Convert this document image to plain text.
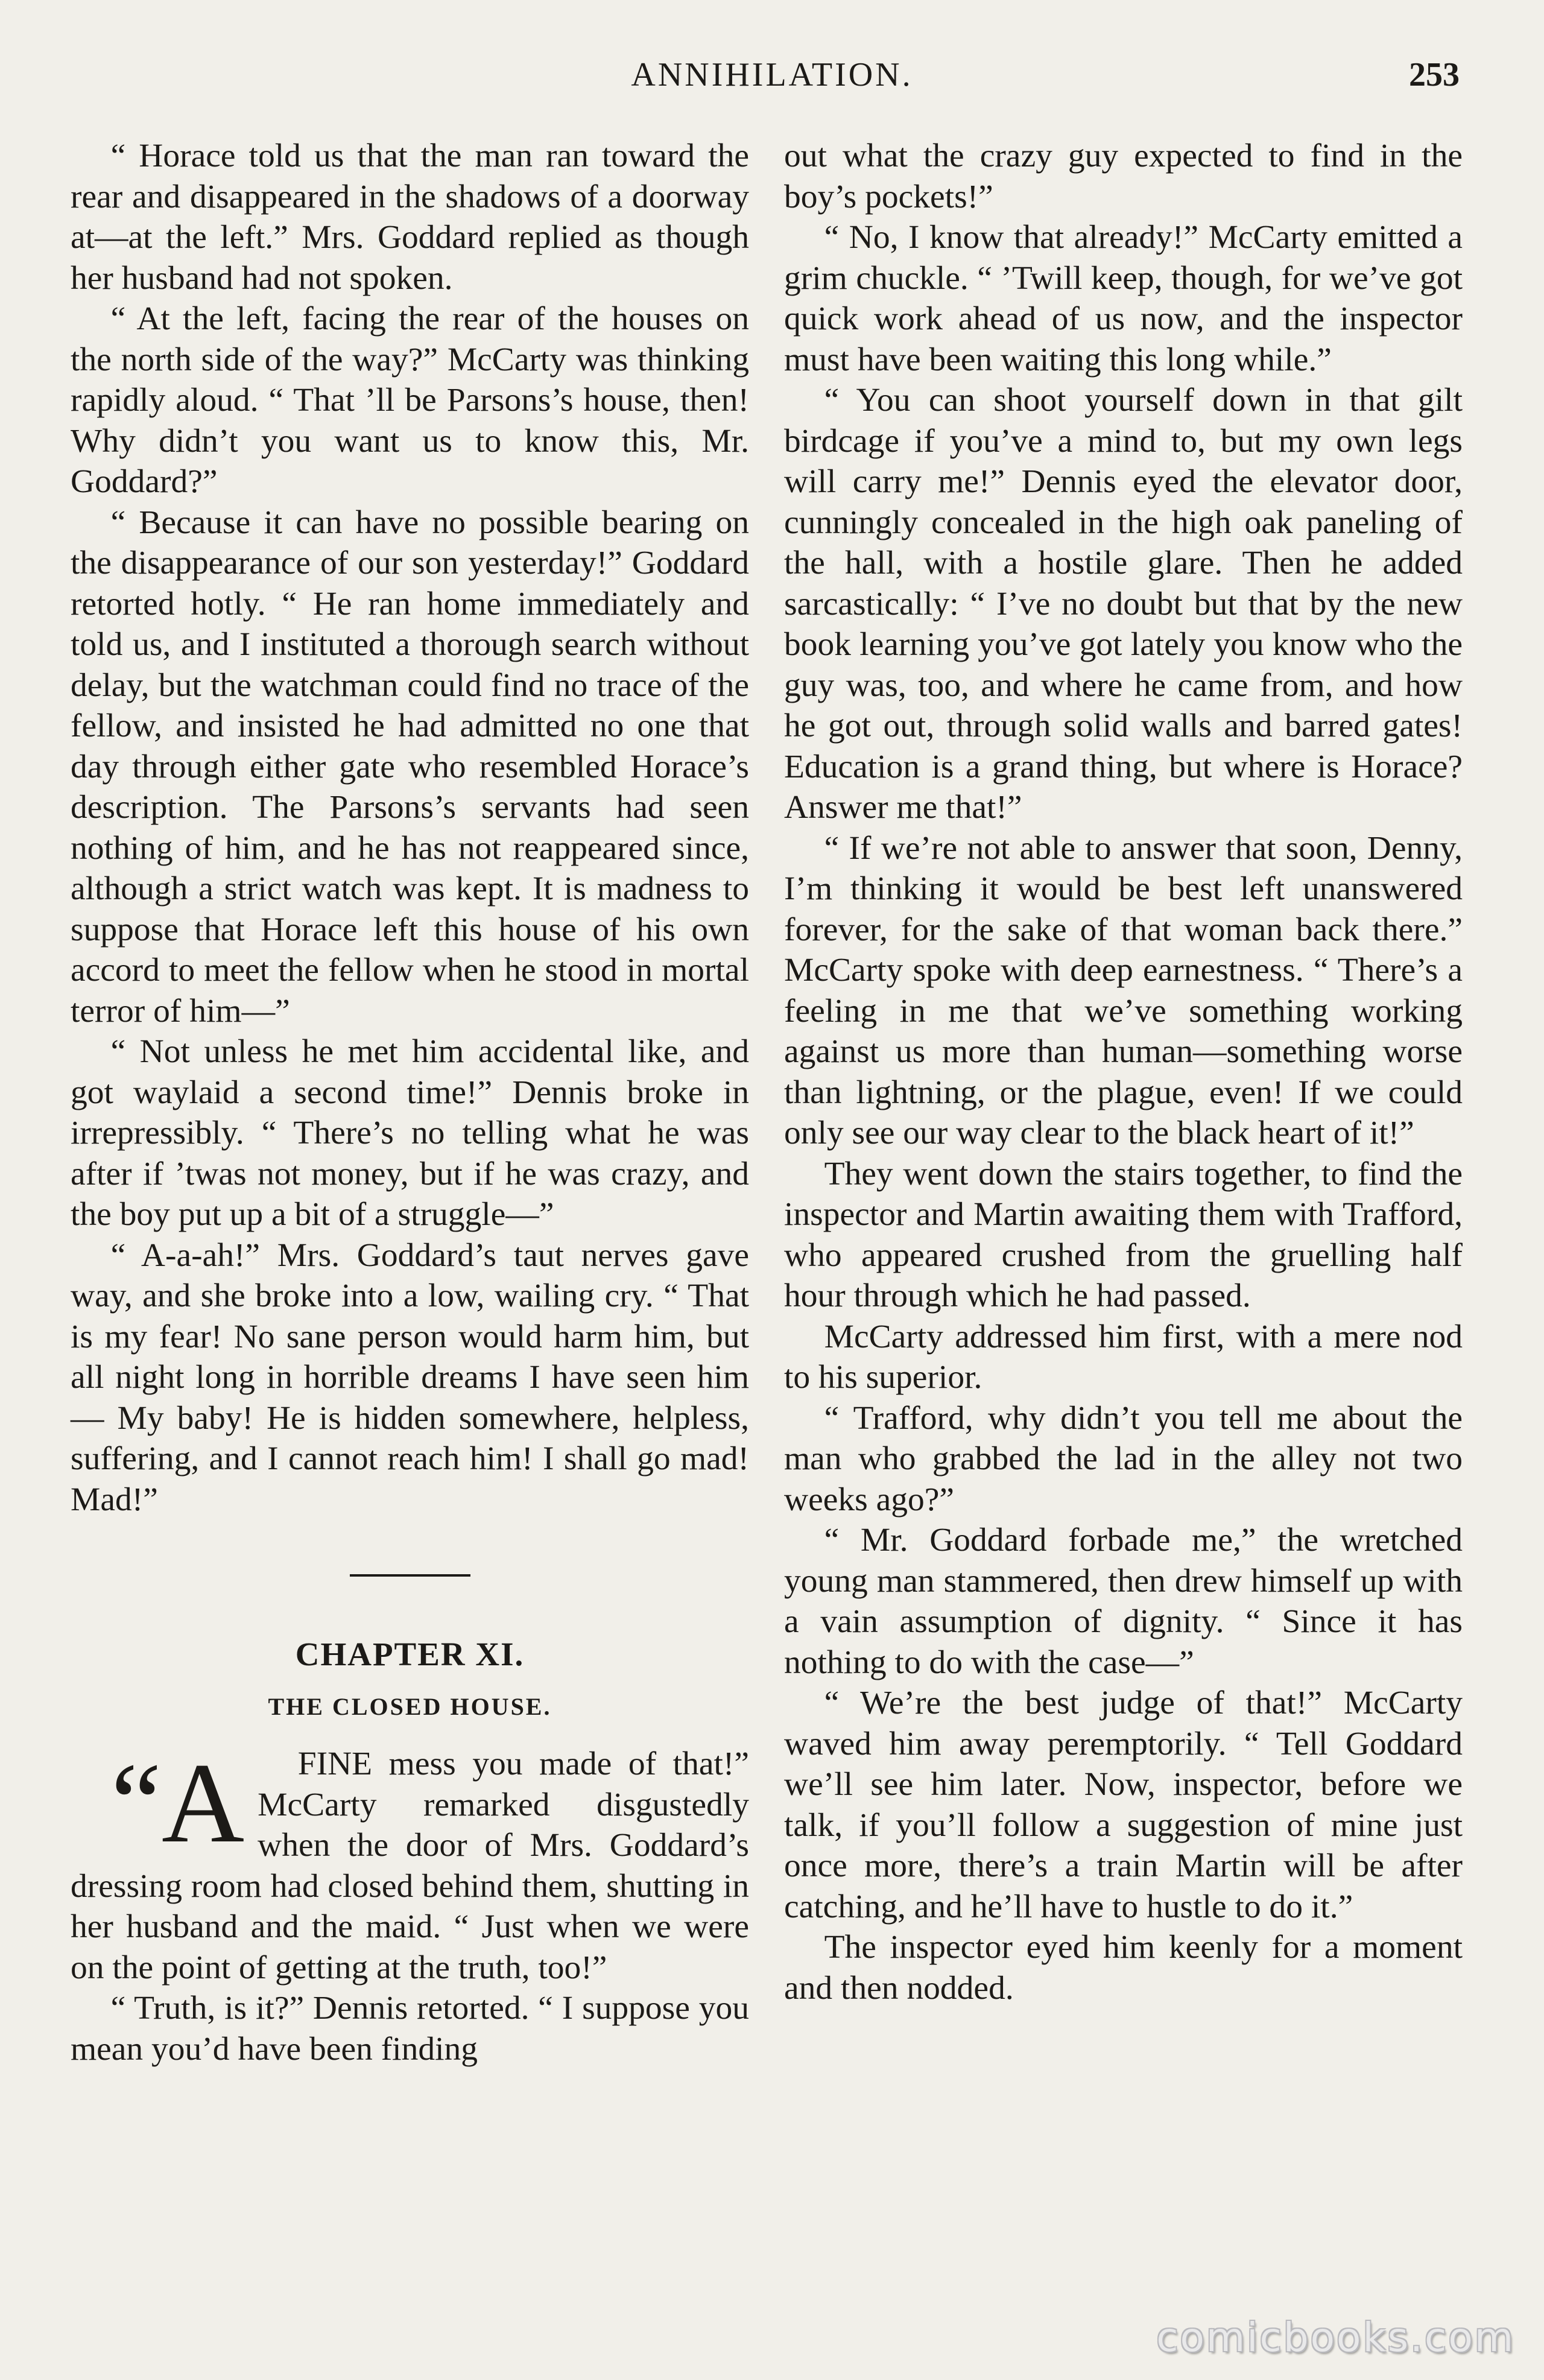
ANNIHILATION.	253

“ Horace told us that the man ran toward the rear and disappeared in the shadows of a doorway at—at the left.” Mrs. Goddard replied as though her husband had not spoken.

“ At the left, facing the rear of the houses on the north side of the way?” McCarty was thinking rapidly aloud. “ That ’ll be Parsons’s house, then! Why didn’t you want us to know this, Mr. Goddard?”

“ Because it can have no possible bearing on the disappearance of our son yesterday!” Goddard retorted hotly. “ He ran home immediately and told us, and I instituted a thorough search without delay, but the watchman could find no trace of the fellow, and insisted he had admitted no one that day through either gate who resembled Horace’s description. The Parsons’s servants had seen nothing of him, and he has not reappeared since, although a strict watch was kept. It is madness to suppose that Horace left this house of his own accord to meet the fellow when he stood in mortal terror of him—”

“ Not unless he met him accidental like, and got waylaid a second time!” Dennis broke in irrepressibly. “ There’s no telling what he was after if ’twas not money, but if he was crazy, and the boy put up a bit of a struggle—”

“ A-a-ah!” Mrs. Goddard’s taut nerves gave way, and she broke into a low, wailing cry. “ That is my fear! No sane person would harm him, but all night long in horrible dreams I have seen him— My baby! He is hidden somewhere, helpless, suffering, and I cannot reach him! I shall go mad! Mad!”

CHAPTER XI.
THE CLOSED HOUSE.

“A FINE mess you made of that!” McCarty remarked disgustedly when the door of Mrs. Goddard’s dressing room had closed behind them, shutting in her husband and the maid. “ Just when we were on the point of getting at the truth, too!”

“ Truth, is it?” Dennis retorted. “ I suppose you mean you’d have been finding

out what the crazy guy expected to find in the boy’s pockets!”

“ No, I know that already!” McCarty emitted a grim chuckle. “ ’Twill keep, though, for we’ve got quick work ahead of us now, and the inspector must have been waiting this long while.”

“ You can shoot yourself down in that gilt birdcage if you’ve a mind to, but my own legs will carry me!” Dennis eyed the elevator door, cunningly concealed in the high oak paneling of the hall, with a hostile glare. Then he added sarcastically: “ I’ve no doubt but that by the new book learning you’ve got lately you know who the guy was, too, and where he came from, and how he got out, through solid walls and barred gates! Education is a grand thing, but where is Horace? Answer me that!”

“ If we’re not able to answer that soon, Denny, I’m thinking it would be best left unanswered forever, for the sake of that woman back there.” McCarty spoke with deep earnestness. “ There’s a feeling in me that we’ve something working against us more than human—something worse than lightning, or the plague, even! If we could only see our way clear to the black heart of it!”

They went down the stairs together, to find the inspector and Martin awaiting them with Trafford, who appeared crushed from the gruelling half hour through which he had passed.

McCarty addressed him first, with a mere nod to his superior.

“ Trafford, why didn’t you tell me about the man who grabbed the lad in the alley not two weeks ago?”

“ Mr. Goddard forbade me,” the wretched young man stammered, then drew himself up with a vain assumption of dignity. “ Since it has nothing to do with the case—”

“ We’re the best judge of that!” McCarty waved him away peremptorily. “ Tell Goddard we’ll see him later. Now, inspector, before we talk, if you’ll follow a suggestion of mine just once more, there’s a train Martin will be after catching, and he’ll have to hustle to do it.”

The inspector eyed him keenly for a moment and then nodded.

comicbooks.com
